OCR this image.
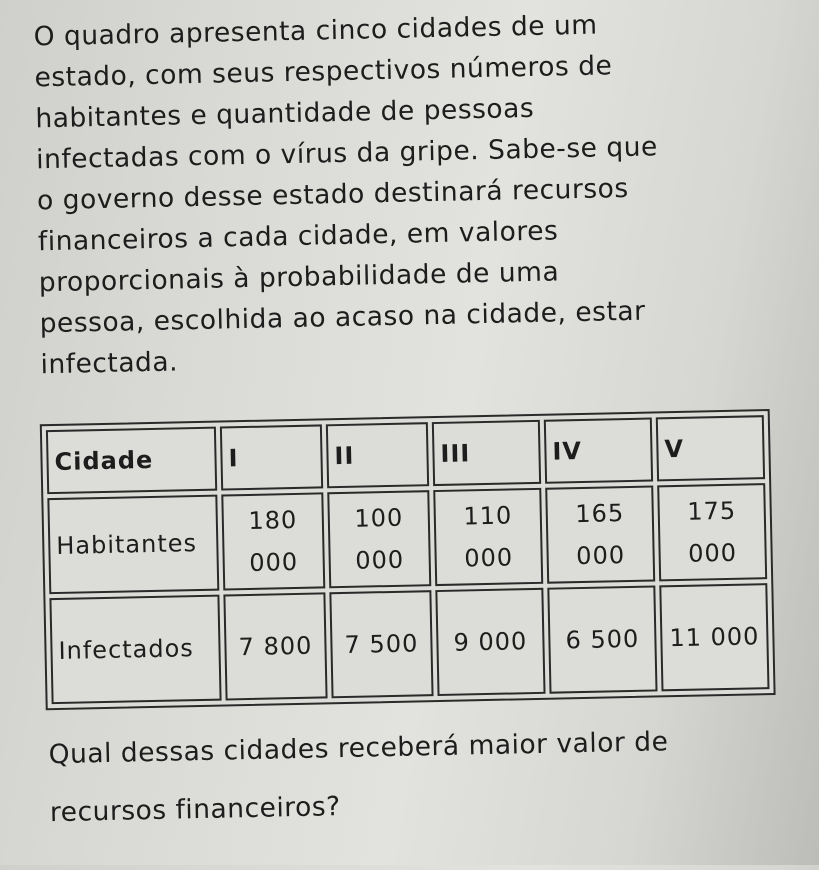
O quadro apresenta cinco cidades de um
estado, com seus respectivos números de
habitantes e quantidade de pessoas
infectadas com o vírus da gripe. Sabe-se que
o governo desse estado destinará recursos
financeiros a cada cidade, em valores
proporcionais à probabilidade de uma
pessoa, escolhida ao acaso na cidade, estar
infectada.

Cidade	I	II	III	IV	V
Habitantes	180 000	100 000	110 000	165 000	175 000
Infectados	7 800	7 500	9 000	6 500	11 000

Qual dessas cidades receberá maior valor de
recursos financeiros?
